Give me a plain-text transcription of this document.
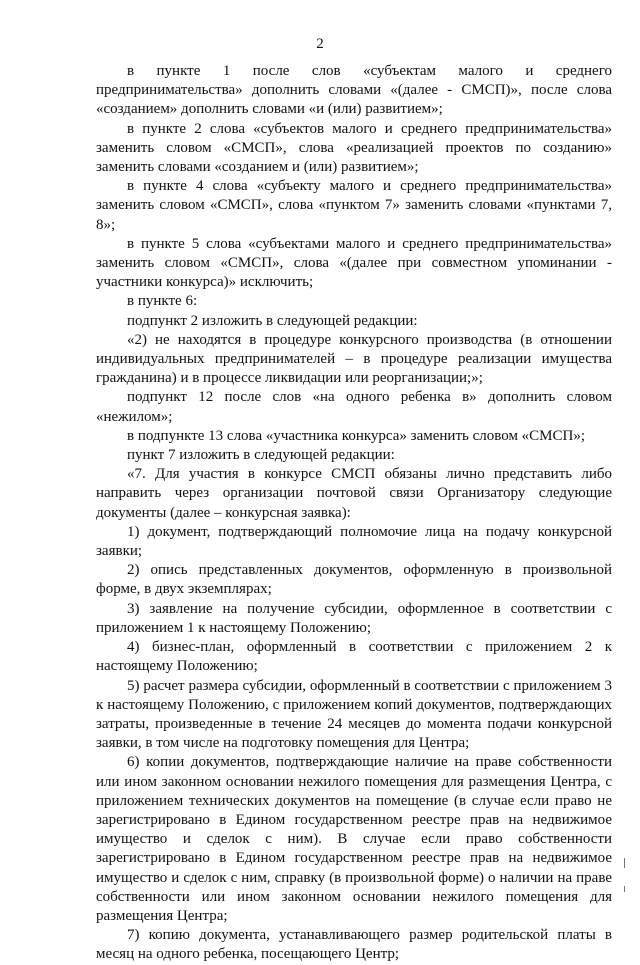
2

в пункте 1 после слов «субъектам малого и среднего предпринимательства» дополнить словами «(далее - СМСП)», после слова «созданием» дополнить словами «и (или) развитием»;

в пункте 2 слова «субъектов малого и среднего предпринимательства» заменить словом «СМСП», слова «реализацией проектов по созданию» заменить словами «созданием и (или) развитием»;

в пункте 4 слова «субъекту малого и среднего предпринимательства» заменить словом «СМСП», слова «пунктом 7» заменить словами «пунктами 7, 8»;

в пункте 5 слова «субъектами малого и среднего предпринимательства» заменить словом «СМСП», слова «(далее при совместном упоминании - участники конкурса)» исключить;

в пункте 6:

подпункт 2 изложить в следующей редакции:

«2) не находятся в процедуре конкурсного производства (в отношении индивидуальных предпринимателей – в процедуре реализации имущества гражданина) и в процессе ликвидации или реорганизации;»;

подпункт 12 после слов «на одного ребенка в» дополнить словом «нежилом»;

в подпункте 13 слова «участника конкурса» заменить словом «СМСП»;

пункт 7 изложить в следующей редакции:

«7. Для участия в конкурсе СМСП обязаны лично представить либо направить через организации почтовой связи Организатору следующие документы (далее – конкурсная заявка):

1) документ, подтверждающий полномочие лица на подачу конкурсной заявки;

2) опись представленных документов, оформленную в произвольной форме, в двух экземплярах;

3) заявление на получение субсидии, оформленное в соответствии с приложением 1 к настоящему Положению;

4) бизнес-план, оформленный в соответствии с приложением 2 к настоящему Положению;

5) расчет размера субсидии, оформленный в соответствии с приложением 3 к настоящему Положению, с приложением копий документов, подтверждающих затраты, произведенные в течение 24 месяцев до момента подачи конкурсной заявки, в том числе на подготовку помещения для Центра;

6) копии документов, подтверждающие наличие на праве собственности или ином законном основании нежилого помещения для размещения Центра, с приложением технических документов на помещение (в случае если право не зарегистрировано в Едином государственном реестре прав на недвижимое имущество и сделок с ним). В случае если право собственности зарегистрировано в Едином государственном реестре прав на недвижимое имущество и сделок с ним, справку (в произвольной форме) о наличии на праве собственности или ином законном основании нежилого помещения для размещения Центра;

7) копию документа, устанавливающего размер родительской платы в месяц на одного ребенка, посещающего Центр;
